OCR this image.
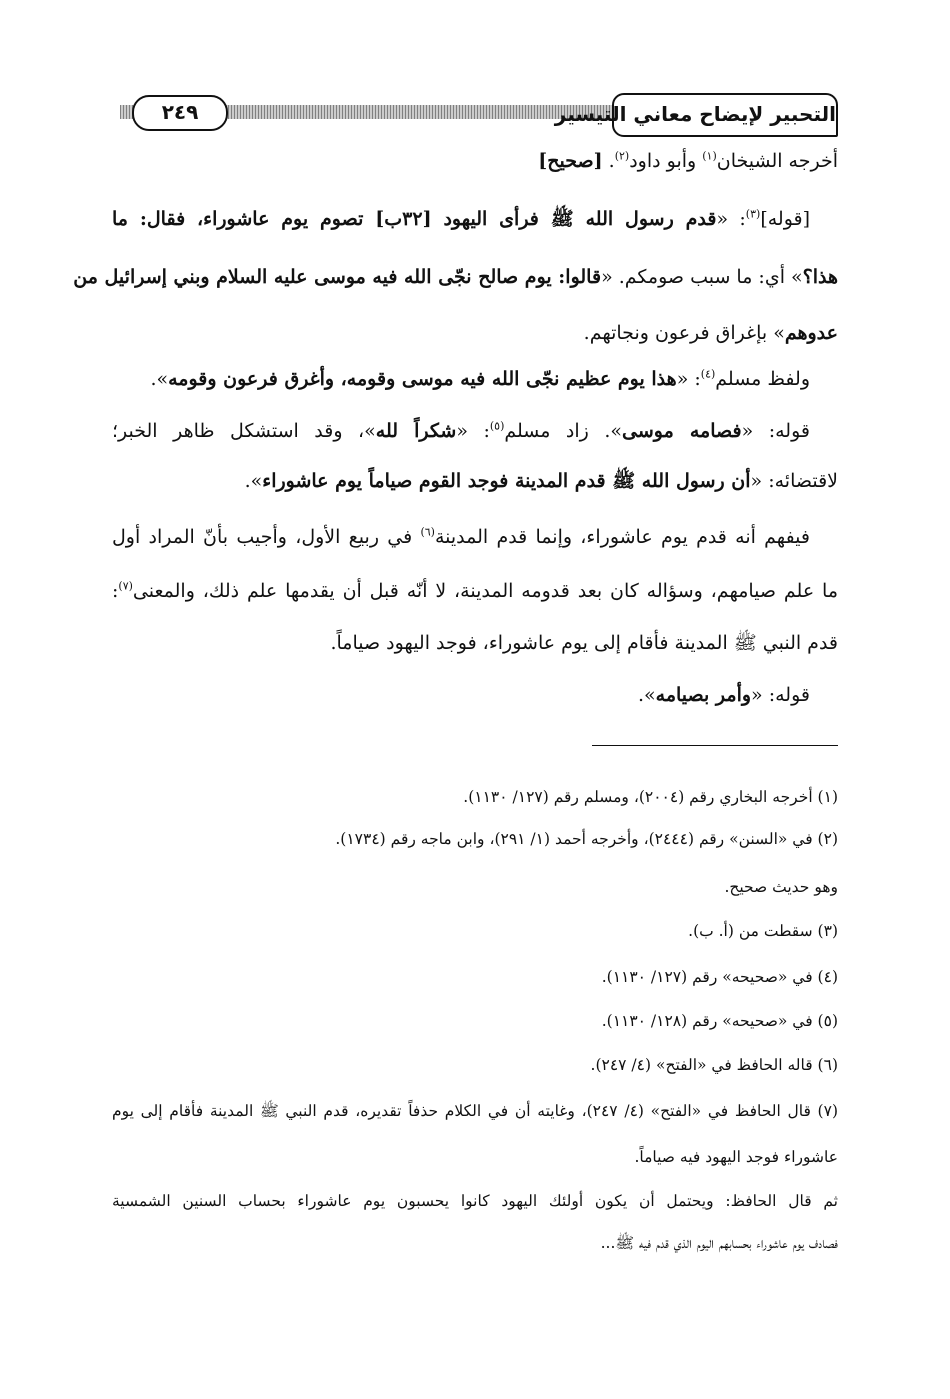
٢٤٩	التحبير لإيضاح معاني التيسير
أخرجه الشيخان$^{(١)}$ وأبو داود$^{(٢)}$. [صحيح]
[قوله]$^{(٣)}$: «قدم رسول الله ﷺ فرأى اليهود [٣٢ب] تصوم يوم عاشوراء، فقال: ما
هذا؟» أي: ما سبب صومكم. «قالوا: يوم صالح نجّى الله فيه موسى عليه السلام وبني إسرائيل من
عدوهم» بإغراق فرعون ونجاتهم.
ولفظ مسلم$^{(٤)}$: «هذا يوم عظيم نجّى الله فيه موسى وقومه، وأغرق فرعون وقومه».
قوله: «فصامه موسى». زاد مسلم$^{(٥)}$: «شكراً لله»، وقد استشكل ظاهر الخبر؛
لاقتضائه: «أن رسول الله ﷺ قدم المدينة فوجد القوم صياماً يوم عاشوراء».
فيفهم أنه قدم يوم عاشوراء، وإنما قدم المدينة$^{(٦)}$ في ربيع الأول، وأجيب بأنّ المراد أول
ما علم صيامهم، وسؤاله كان بعد قدومه المدينة، لا أنّه قبل أن يقدمها علم ذلك، والمعنى$^{(٧)}$:
قدم النبي ﷺ المدينة فأقام إلى يوم عاشوراء، فوجد اليهود صياماً.
قوله: «وأمر بصيامه».
(١) أخرجه البخاري رقم (٢٠٠٤)، ومسلم رقم (١٢٧/ ١١٣٠).
(٢) في «السنن» رقم (٢٤٤٤)، وأخرجه أحمد (١/ ٢٩١)، وابن ماجه رقم (١٧٣٤).
وهو حديث صحيح.
(٣) سقطت من (أ. ب).
(٤) في «صحيحه» رقم (١٢٧/ ١١٣٠).
(٥) في «صحيحه» رقم (١٢٨/ ١١٣٠).
(٦) قاله الحافظ في «الفتح» (٤/ ٢٤٧).
(٧) قال الحافظ في «الفتح» (٤/ ٢٤٧)، وغايته أن في الكلام حذفاً تقديره، قدم النبي ﷺ المدينة فأقام إلى يوم
عاشوراء فوجد اليهود فيه صياماً.
ثم قال الحافظ: ويحتمل أن يكون أولئك اليهود كانوا يحسبون يوم عاشوراء بحساب السنين الشمسية
فصادف يوم عاشوراء بحسابهم اليوم الذي قدم فيه ﷺ...
